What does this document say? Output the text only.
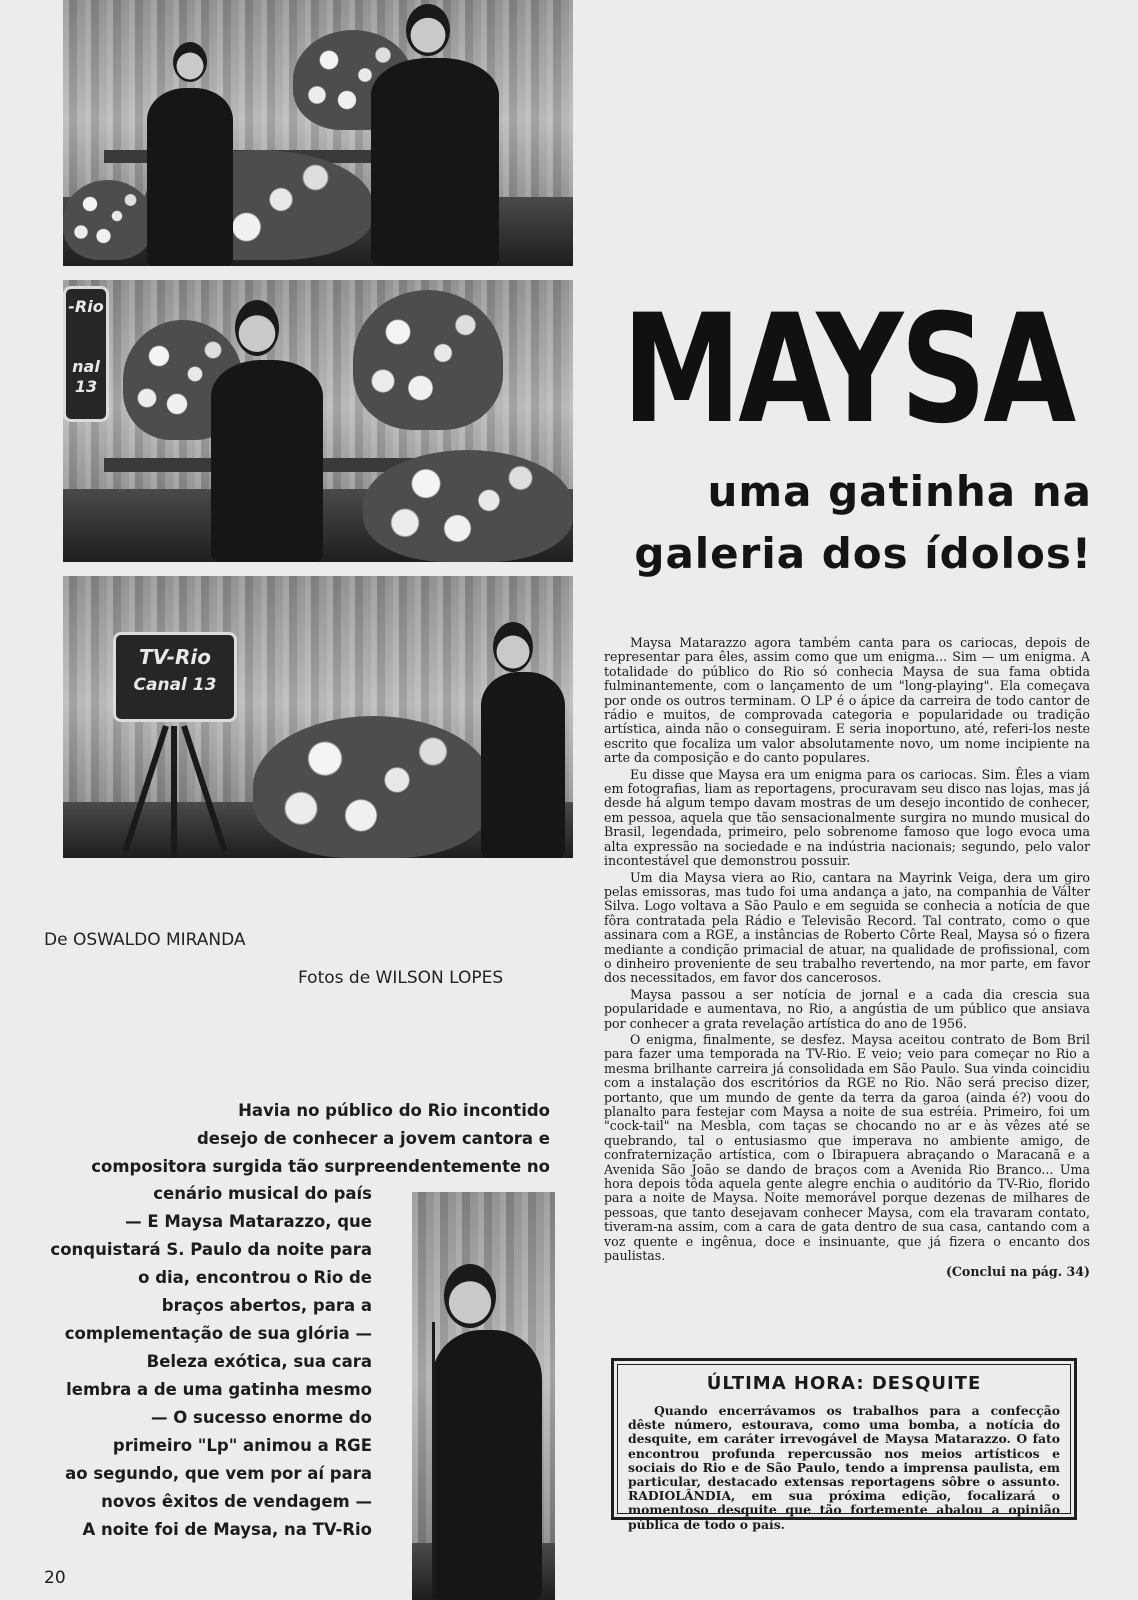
-Rio
nal 13
TV-Rio
Canal 13
MAYSA
uma gatinha na
galeria dos ídolos!
De OSWALDO MIRANDA
Fotos de WILSON LOPES
Havia no público do Rio incontido
desejo de conhecer a jovem cantora e
compositora surgida tão surpreendentemente no
cenário musical do país
— E Maysa Matarazzo, que
conquistará S. Paulo da noite para
o dia, encontrou o Rio de
braços abertos, para a
complementação de sua glória —
Beleza exótica, sua cara
lembra a de uma gatinha mesmo
— O sucesso enorme do
primeiro "Lp" animou a RGE
ao segundo, que vem por aí para
novos êxitos de vendagem —
A noite foi de Maysa, na TV-Rio

Maysa Matarazzo agora também canta para os cariocas, depois de representar para êles, assim como que um enigma... Sim — um enigma. A totalidade do público do Rio só conhecia Maysa de sua fama obtida fulminantemente, com o lançamento de um "long-playing". Ela começava por onde os outros terminam. O LP é o ápice da carreira de todo cantor de rádio e muitos, de comprovada categoria e popularidade ou tradição artística, ainda não o conseguiram. E seria inoportuno, até, referi-los neste escrito que focaliza um valor absolutamente novo, um nome incipiente na arte da composição e do canto populares.

Eu disse que Maysa era um enigma para os cariocas. Sim. Êles a viam em fotografias, liam as reportagens, procuravam seu disco nas lojas, mas já desde há algum tempo davam mostras de um desejo incontido de conhecer, em pessoa, aquela que tão sensacionalmente surgira no mundo musical do Brasil, legendada, primeiro, pelo sobrenome famoso que logo evoca uma alta expressão na sociedade e na indústria nacionais; segundo, pelo valor incontestável que demonstrou possuir.

Um dia Maysa viera ao Rio, cantara na Mayrink Veiga, dera um giro pelas emissoras, mas tudo foi uma andança a jato, na companhia de Válter Silva. Logo voltava a São Paulo e em seguida se conhecia a notícia de que fôra contratada pela Rádio e Televisão Record. Tal contrato, como o que assinara com a RGE, a instâncias de Roberto Côrte Real, Maysa só o fizera mediante a condição primacial de atuar, na qualidade de profissional, com o dinheiro proveniente de seu trabalho revertendo, na mor parte, em favor dos necessitados, em favor dos cancerosos.

Maysa passou a ser notícia de jornal e a cada dia crescia sua popularidade e aumentava, no Rio, a angústia de um público que ansiava por conhecer a grata revelação artística do ano de 1956.

O enigma, finalmente, se desfez. Maysa aceitou contrato de Bom Bril para fazer uma temporada na TV-Rio. E veio; veio para começar no Rio a mesma brilhante carreira já consolidada em São Paulo. Sua vinda coincidiu com a instalação dos escritórios da RGE no Rio. Não será preciso dizer, portanto, que um mundo de gente da terra da garoa (ainda é?) voou do planalto para festejar com Maysa a noite de sua estréia. Primeiro, foi um "cock-tail" na Mesbla, com taças se chocando no ar e às vêzes até se quebrando, tal o entusiasmo que imperava no ambiente amigo, de confraternização artística, com o Ibirapuera abraçando o Maracanã e a Avenida São João se dando de braços com a Avenida Rio Branco... Uma hora depois tôda aquela gente alegre enchia o auditório da TV-Rio, florido para a noite de Maysa. Noite memorável porque dezenas de milhares de pessoas, que tanto desejavam conhecer Maysa, com ela travaram contato, tiveram-na assim, com a cara de gata dentro de sua casa, cantando com a voz quente e ingênua, doce e insinuante, que já fizera o encanto dos paulistas.

(Conclui na pág. 34)
ÚLTIMA HORA: DESQUITE
Quando encerrávamos os trabalhos para a confecção dêste número, estourava, como uma bomba, a notícia do desquite, em caráter irrevogável de Maysa Matarazzo. O fato encontrou profunda repercussão nos meios artísticos e sociais do Rio e de São Paulo, tendo a imprensa paulista, em particular, destacado extensas reportagens sôbre o assunto. RADIOLÂNDIA, em sua próxima edição, focalizará o momentoso desquite que tão fortemente abalou a opinião pública de todo o país.
20
